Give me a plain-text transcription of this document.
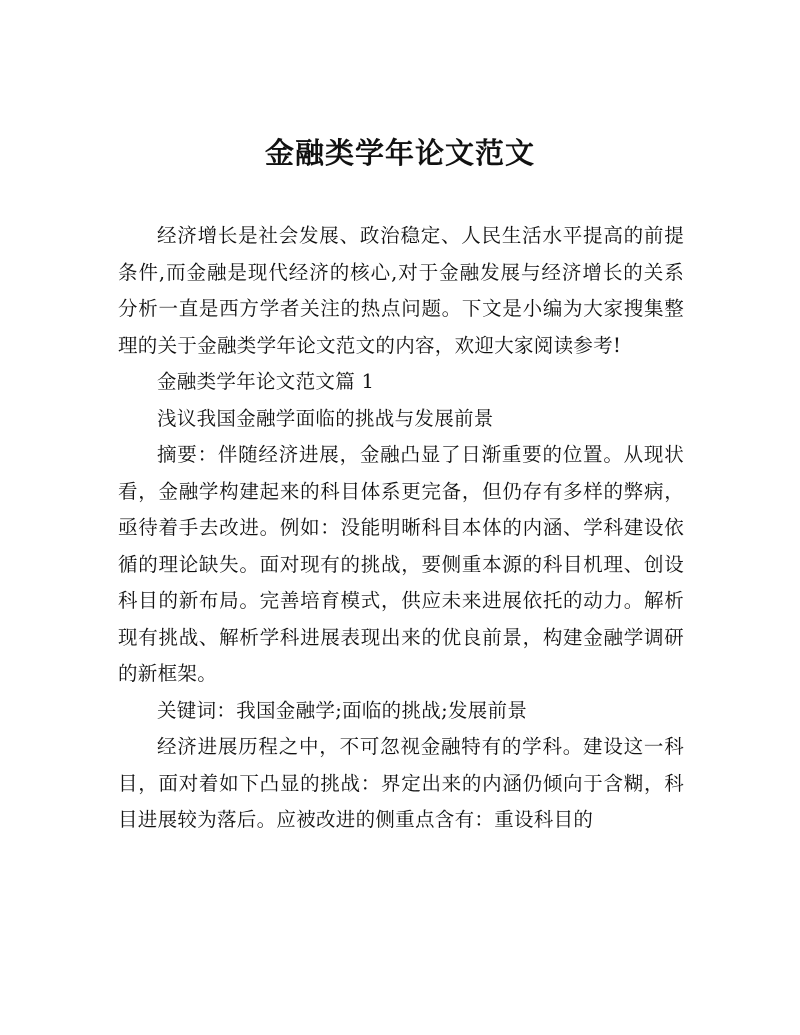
金融类学年论文范文

经济增长是社会发展、政治稳定、人民生活水平提高的前提条件,而金融是现代经济的核心,对于金融发展与经济增长的关系分析一直是西方学者关注的热点问题。下文是小编为大家搜集整理的关于金融类学年论文范文的内容，欢迎大家阅读参考!

金融类学年论文范文篇 1

浅议我国金融学面临的挑战与发展前景

摘要：伴随经济进展，金融凸显了日渐重要的位置。从现状看，金融学构建起来的科目体系更完备，但仍存有多样的弊病，亟待着手去改进。例如：没能明晰科目本体的内涵、学科建设依循的理论缺失。面对现有的挑战，要侧重本源的科目机理、创设科目的新布局。完善培育模式，供应未来进展依托的动力。解析现有挑战、解析学科进展表现出来的优良前景，构建金融学调研的新框架。

关键词：我国金融学;面临的挑战;发展前景

经济进展历程之中，不可忽视金融特有的学科。建设这一科目，面对着如下凸显的挑战：界定出来的内涵仍倾向于含糊，科目进展较为落后。应被改进的侧重点含有：重设科目的
